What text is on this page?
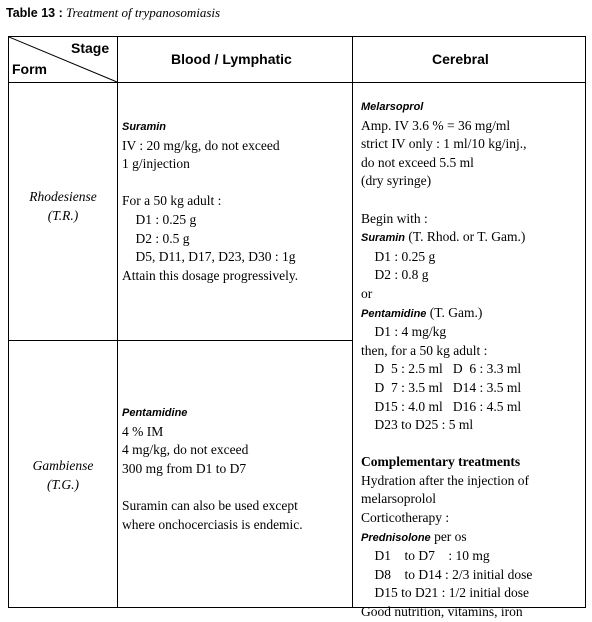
Table 13 : Treatment of trypanosomiasis
Stage
Form
Blood / Lymphatic	Cerebral
Rhodesiense
(T.R.)
Gambiense
(T.G.)
Suramin
IV : 20 mg/kg, do not exceed
1 g/injection

For a 50 kg adult :
D1 : 0.25 g
D2 : 0.5 g
D5, D11, D17, D23, D30 : 1g
Attain this dosage progressively.
Pentamidine
4 % IM
4 mg/kg, do not exceed
300 mg from D1 to D7

Suramin can also be used except
where onchocerciasis is endemic.
Melarsoprol
Amp. IV 3.6 % = 36 mg/ml
strict IV only : 1 ml/10 kg/inj.,
do not exceed 5.5 ml
(dry syringe)

Begin with :
Suramin (T. Rhod. or T. Gam.)
D1 : 0.25 g
D2 : 0.8 g
or
Pentamidine (T. Gam.)
D1 : 4 mg/kg
then, for a 50 kg adult :
D  5 : 2.5 ml   D  6 : 3.3 ml
D  7 : 3.5 ml   D14 : 3.5 ml
D15 : 4.0 ml   D16 : 4.5 ml
D23 to D25 : 5 ml

Complementary treatments
Hydration after the injection of
melarsoprolol
Corticotherapy :
Prednisolone per os
D1    to D7    : 10 mg
D8    to D14 : 2/3 initial dose
D15 to D21 : 1/2 initial dose
Good nutrition, vitamins, iron
